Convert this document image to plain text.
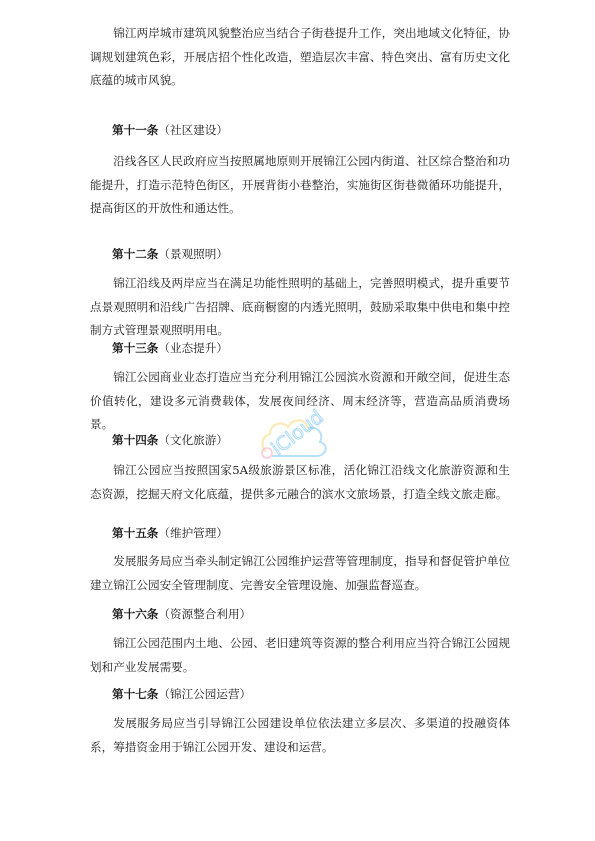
锦江两岸城市建筑风貌整治应当结合子街巷提升工作，突出地域文化特征，协调规划建筑色彩，开展店招个性化改造，塑造层次丰富、特色突出、富有历史文化底蕴的城市风貌。

第十一条（社区建设）

沿线各区人民政府应当按照属地原则开展锦江公园内街道、社区综合整治和功能提升，打造示范特色街区，开展背街小巷整治，实施街区街巷微循环功能提升，提高街区的开放性和通达性。

第十二条（景观照明）

锦江沿线及两岸应当在满足功能性照明的基础上，完善照明模式，提升重要节点景观照明和沿线广告招牌、底商橱窗的内透光照明，鼓励采取集中供电和集中控制方式管理景观照明用电。

第十三条（业态提升）

锦江公园商业业态打造应当充分利用锦江公园滨水资源和开敞空间，促进生态价值转化，建设多元消费载体，发展夜间经济、周末经济等，营造高品质消费场景。

第十四条（文化旅游）

锦江公园应当按照国家5A级旅游景区标准，活化锦江沿线文化旅游资源和生态资源，挖掘天府文化底蕴，提供多元融合的滨水文旅场景，打造全线文旅走廊。

第十五条（维护管理）

发展服务局应当牵头制定锦江公园维护运营等管理制度，指导和督促管护单位建立锦江公园安全管理制度、完善安全管理设施、加强监督巡查。

第十六条（资源整合利用）

锦江公园范围内土地、公园、老旧建筑等资源的整合利用应当符合锦江公园规划和产业发展需要。

第十七条（锦江公园运营）

发展服务局应当引导锦江公园建设单位依法建立多层次、多渠道的投融资体系，筹措资金用于锦江公园开发、建设和运营。

iCloud
